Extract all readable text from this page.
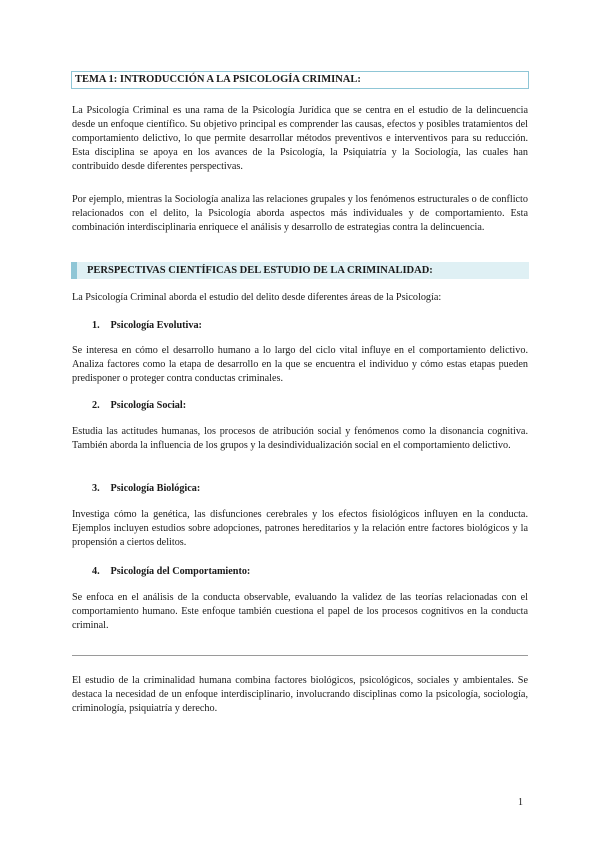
TEMA 1: INTRODUCCIÓN A LA PSICOLOGÍA CRIMINAL:

La Psicología Criminal es una rama de la Psicología Jurídica que se centra en el estudio de la delincuencia desde un enfoque científico. Su objetivo principal es comprender las causas, efectos y posibles tratamientos del comportamiento delictivo, lo que permite desarrollar métodos preventivos e interventivos para su reducción. Esta disciplina se apoya en los avances de la Psicología, la Psiquiatría y la Sociología, las cuales han contribuido desde diferentes perspectivas.

Por ejemplo, mientras la Sociología analiza las relaciones grupales y los fenómenos estructurales o de conflicto relacionados con el delito, la Psicología aborda aspectos más individuales y de comportamiento. Esta combinación interdisciplinaria enriquece el análisis y desarrollo de estrategias contra la delincuencia.

PERSPECTIVAS CIENTÍFICAS DEL ESTUDIO DE LA CRIMINALIDAD:

La Psicología Criminal aborda el estudio del delito desde diferentes áreas de la Psicología:

1. Psicología Evolutiva:

Se interesa en cómo el desarrollo humano a lo largo del ciclo vital influye en el comportamiento delictivo. Analiza factores como la etapa de desarrollo en la que se encuentra el individuo y cómo estas etapas pueden predisponer o proteger contra conductas criminales.

2. Psicología Social:

Estudia las actitudes humanas, los procesos de atribución social y fenómenos como la disonancia cognitiva. También aborda la influencia de los grupos y la desindividualización social en el comportamiento delictivo.

3. Psicología Biológica:

Investiga cómo la genética, las disfunciones cerebrales y los efectos fisiológicos influyen en la conducta. Ejemplos incluyen estudios sobre adopciones, patrones hereditarios y la relación entre factores biológicos y la propensión a ciertos delitos.

4. Psicología del Comportamiento:

Se enfoca en el análisis de la conducta observable, evaluando la validez de las teorías relacionadas con el comportamiento humano. Este enfoque también cuestiona el papel de los procesos cognitivos en la conducta criminal.

El estudio de la criminalidad humana combina factores biológicos, psicológicos, sociales y ambientales. Se destaca la necesidad de un enfoque interdisciplinario, involucrando disciplinas como la psicología, sociología, criminología, psiquiatría y derecho.

1
